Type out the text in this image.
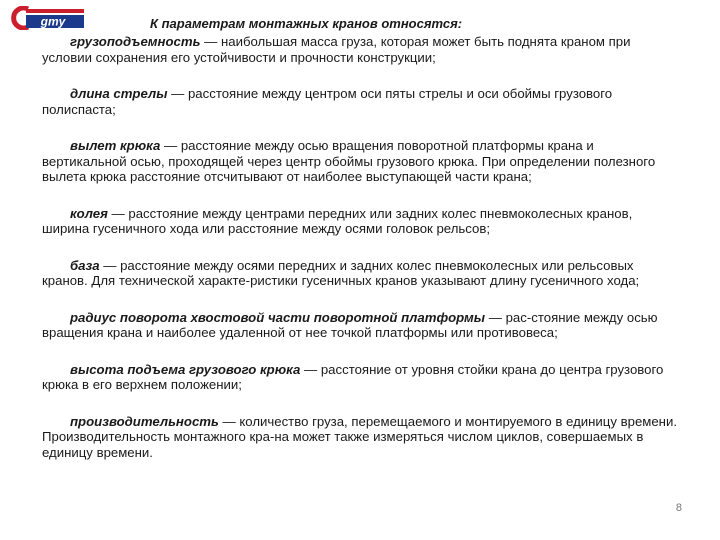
gmy	К параметрам монтажных кранов относятся:

грузоподъемность — наибольшая масса груза, которая может быть поднята краном при условии сохранения его устойчивости и прочности конструкции;

длина стрелы — расстояние между центром оси пяты стрелы и оси обоймы грузового полиспаста;

вылет крюка — расстояние между осью вращения поворотной платформы крана и вертикальной осью, проходящей через центр обоймы грузового крюка. При определении полезного вылета крюка расстояние отсчитывают от наиболее выступающей части крана;

колея — расстояние между центрами передних или задних колес пневмоколесных кранов, ширина гусеничного хода или расстояние между осями головок рельсов;

база — расстояние между осями передних и задних колес пневмоколесных или рельсовых кранов. Для технической характе-ристики гусеничных кранов указывают длину гусеничного хода;

радиус поворота хвостовой части поворотной платформы — рас-стояние между осью вращения крана и наиболее удаленной от нее точкой платформы или противовеса;

высота подъема грузового крюка — расстояние от уровня стойки крана до центра грузового крюка в его верхнем положении;

производительность — количество груза, перемещаемого и монтируемого в единицу времени. Производительность монтажного кра-на может также измеряться числом циклов, совершаемых в единицу времени.

8
